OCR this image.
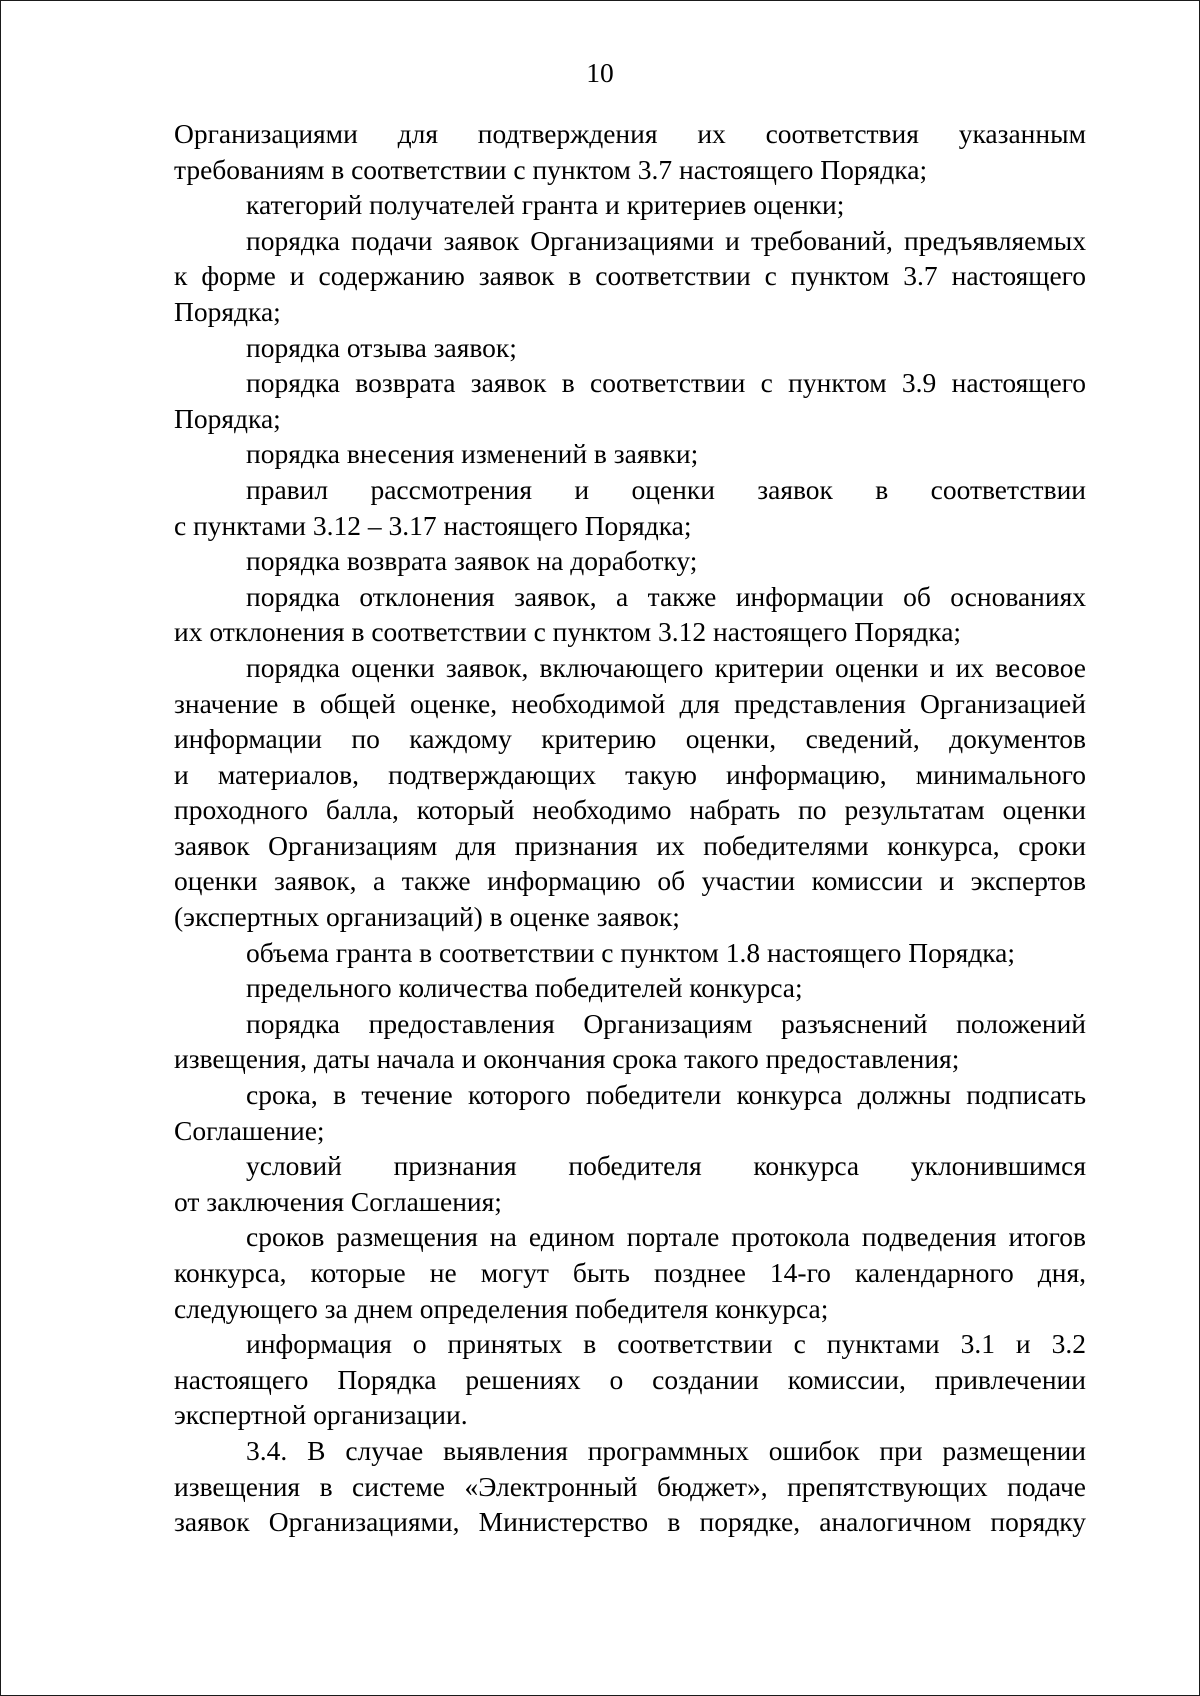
10
Организациями для подтверждения их соответствия указанным
требованиям в соответствии с пунктом 3.7 настоящего Порядка;
категорий получателей гранта и критериев оценки;
порядка подачи заявок Организациями и требований, предъявляемых
к форме и содержанию заявок в соответствии с пунктом 3.7 настоящего
Порядка;
порядка отзыва заявок;
порядка возврата заявок в соответствии с пунктом 3.9 настоящего
Порядка;
порядка внесения изменений в заявки;
правил рассмотрения и оценки заявок в соответствии
с пунктами 3.12 – 3.17 настоящего Порядка;
порядка возврата заявок на доработку;
порядка отклонения заявок, а также информации об основаниях
их отклонения в соответствии с пунктом 3.12 настоящего Порядка;
порядка оценки заявок, включающего критерии оценки и их весовое
значение в общей оценке, необходимой для представления Организацией
информации по каждому критерию оценки, сведений, документов
и материалов, подтверждающих такую информацию, минимального
проходного балла, который необходимо набрать по результатам оценки
заявок Организациям для признания их победителями конкурса, сроки
оценки заявок, а также информацию об участии комиссии и экспертов
(экспертных организаций) в оценке заявок;
объема гранта в соответствии с пунктом 1.8 настоящего Порядка;
предельного количества победителей конкурса;
порядка предоставления Организациям разъяснений положений
извещения, даты начала и окончания срока такого предоставления;
срока, в течение которого победители конкурса должны подписать
Соглашение;
условий признания победителя конкурса уклонившимся
от заключения Соглашения;
сроков размещения на едином портале протокола подведения итогов
конкурса, которые не могут быть позднее 14-го календарного дня,
следующего за днем определения победителя конкурса;
информация о принятых в соответствии с пунктами 3.1 и 3.2
настоящего Порядка решениях о создании комиссии, привлечении
экспертной организации.
3.4. В случае выявления программных ошибок при размещении
извещения в системе «Электронный бюджет», препятствующих подаче
заявок Организациями, Министерство в порядке, аналогичном порядку
